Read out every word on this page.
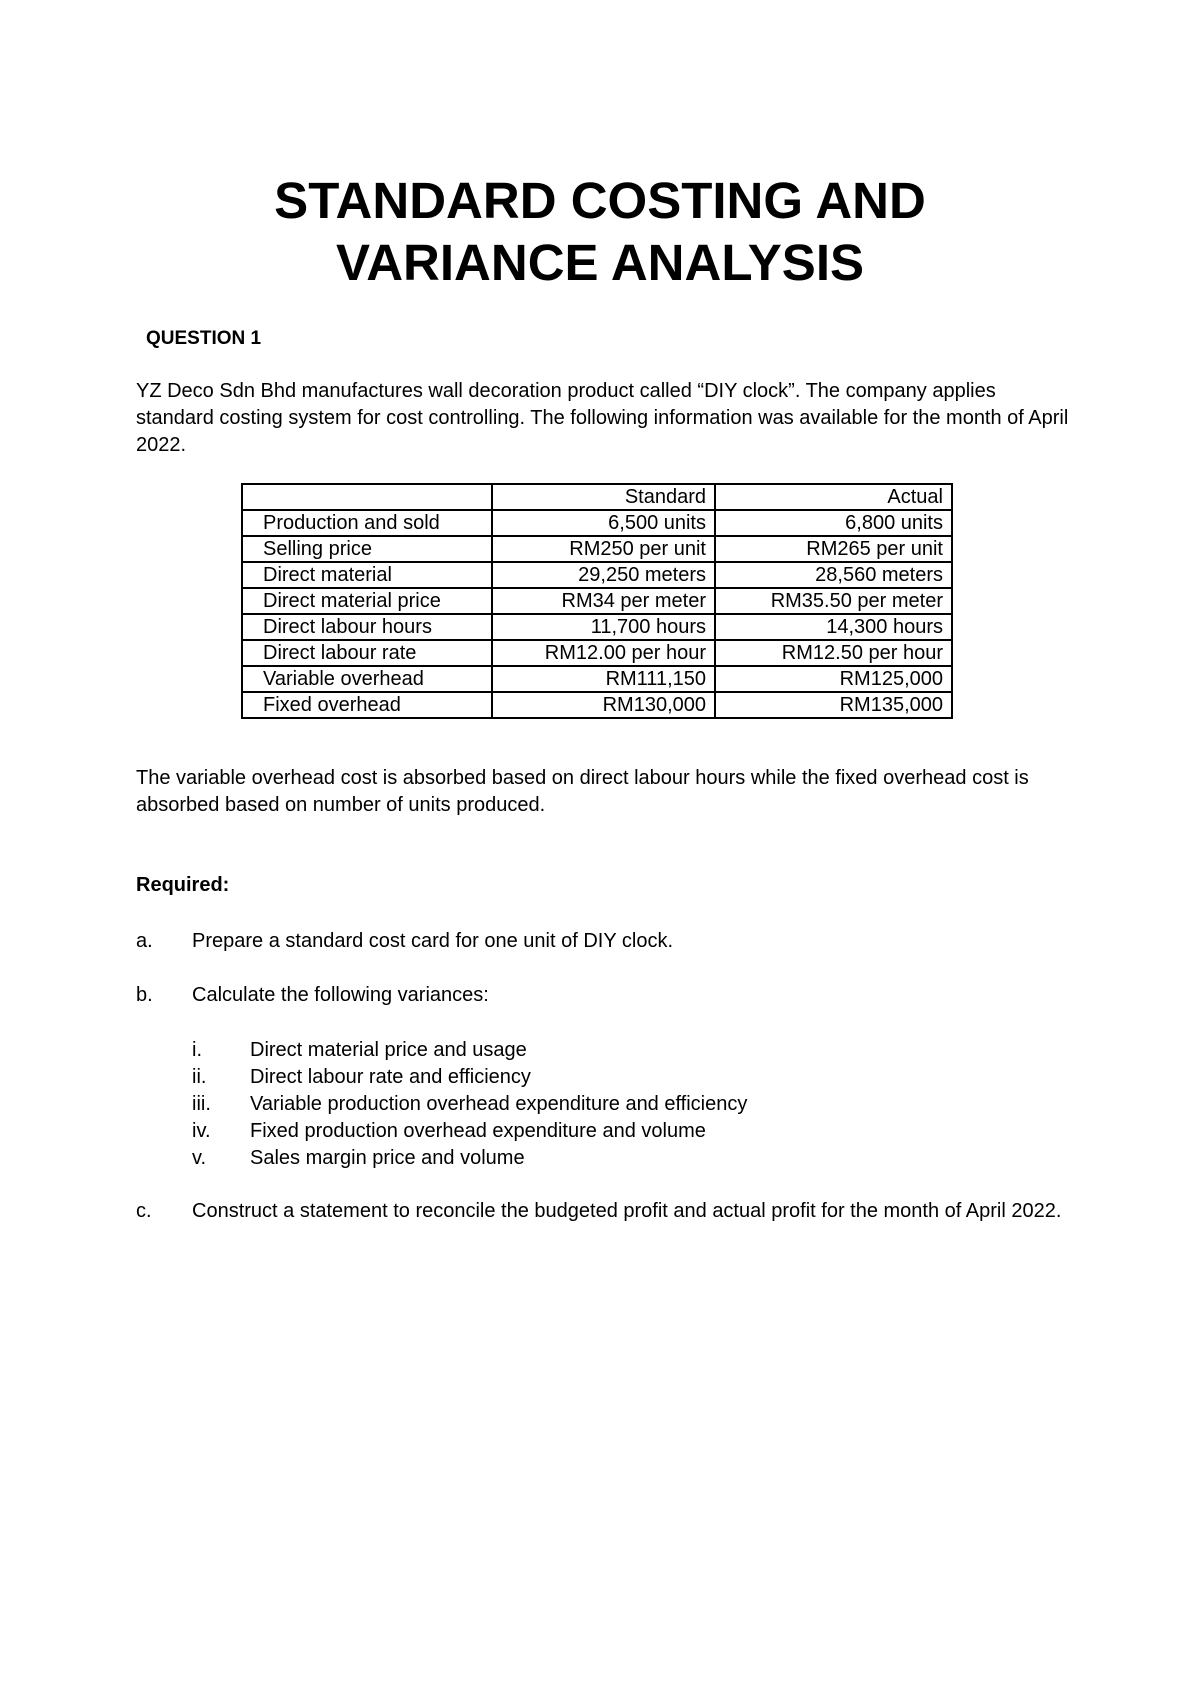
STANDARD COSTING AND
VARIANCE ANALYSIS

QUESTION 1

YZ Deco Sdn Bhd manufactures wall decoration product called “DIY clock”. The company applies standard costing system for cost controlling. The following information was available for the month of April 2022.

	Standard	Actual
Production and sold	6,500 units	6,800 units
Selling price	RM250 per unit	RM265 per unit
Direct material	29,250 meters	28,560 meters
Direct material price	RM34 per meter	RM35.50 per meter
Direct labour hours	11,700 hours	14,300 hours
Direct labour rate	RM12.00 per hour	RM12.50 per hour
Variable overhead	RM111,150	RM125,000
Fixed overhead	RM130,000	RM135,000

The variable overhead cost is absorbed based on direct labour hours while the fixed overhead cost is absorbed based on number of units produced.

Required:

a. Prepare a standard cost card for one unit of DIY clock.
b. Calculate the following variances:
i. Direct material price and usage
ii. Direct labour rate and efficiency
iii. Variable production overhead expenditure and efficiency
iv. Fixed production overhead expenditure and volume
v. Sales margin price and volume
c. Construct a statement to reconcile the budgeted profit and actual profit for the month of April 2022.
